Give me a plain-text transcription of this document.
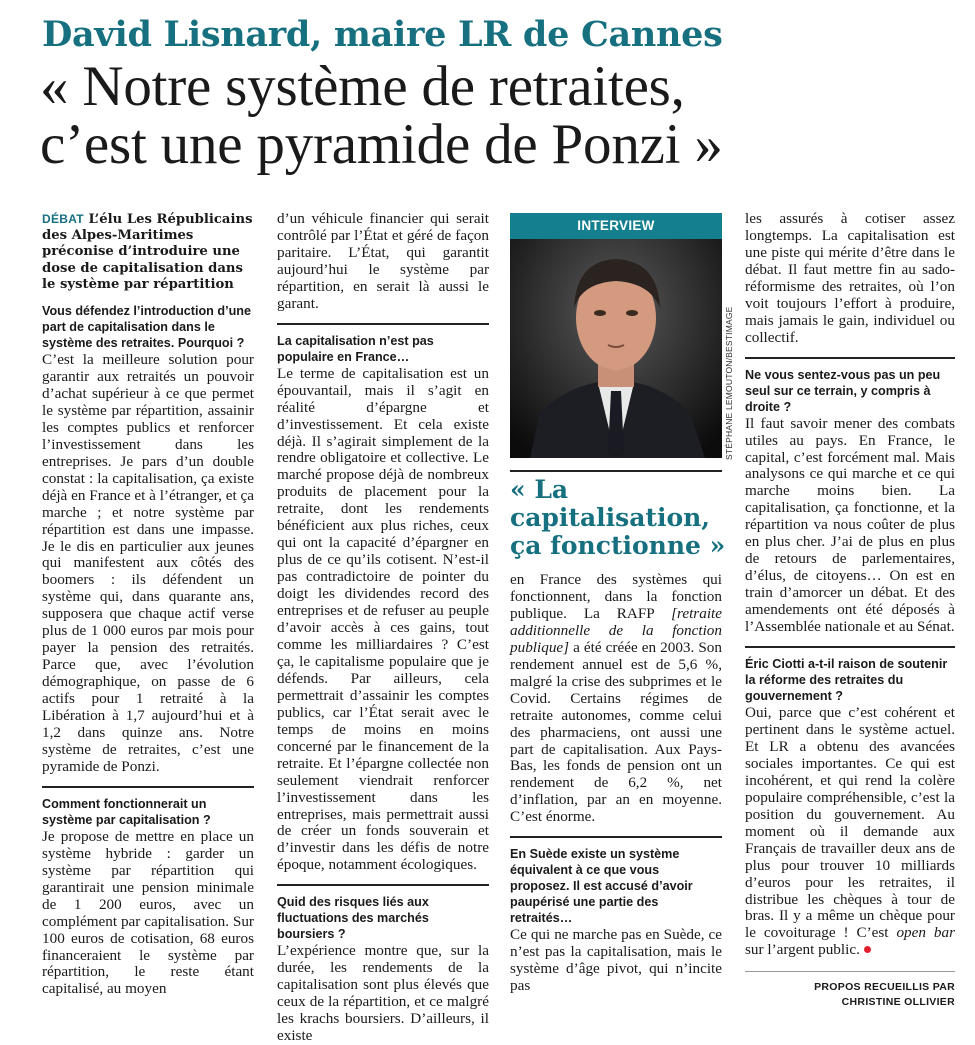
David Lisnard, maire LR de Cannes
« Notre système de retraites,
c’est une pyramide de Ponzi »
DÉBAT L’élu Les Républicains des Alpes-Maritimes préconise d’introduire une dose de capitalisation dans le système par répartition
Vous défendez l’introduction d’une part de capitalisation dans le système des retraites. Pourquoi ?

C’est la meilleure solution pour garantir aux retraités un pouvoir d’achat supérieur à ce que permet le système par répartition, assainir les comptes publics et renforcer l’investissement dans les entreprises. Je pars d’un double constat : la capitalisation, ça existe déjà en France et à l’étranger, et ça marche ; et notre système par répartition est dans une impasse. Je le dis en particulier aux jeunes qui manifestent aux côtés des boomers : ils défendent un système qui, dans quarante ans, supposera que chaque actif verse plus de 1 000 euros par mois pour payer la pension des retraités. Parce que, avec l’évolution démographique, on passe de 6 actifs pour 1 retraité à la Libération à 1,7 aujourd’hui et à 1,2 dans quinze ans. Notre système de retraites, c’est une pyramide de Ponzi.

Comment fonctionnerait un système par capitalisation ?

Je propose de mettre en place un système hybride : garder un système par répartition qui garantirait une pension minimale de 1 200 euros, avec un complément par capitalisation. Sur 100 euros de cotisation, 68 euros financeraient le système par répartition, le reste étant capitalisé, au moyen

d’un véhicule financier qui serait contrôlé par l’État et géré de façon paritaire. L’État, qui garantit aujourd’hui le système par répartition, en serait là aussi le garant.

La capitalisation n’est pas populaire en France…

Le terme de capitalisation est un épouvantail, mais il s’agit en réalité d’épargne et d’investissement. Et cela existe déjà. Il s’agirait simplement de la rendre obligatoire et collective. Le marché propose déjà de nombreux produits de placement pour la retraite, dont les rendements bénéficient aux plus riches, ceux qui ont la capacité d’épargner en plus de ce qu’ils cotisent. N’est-il pas contradictoire de pointer du doigt les dividendes record des entreprises et de refuser au peuple d’avoir accès à ces gains, tout comme les milliardaires ? C’est ça, le capitalisme populaire que je défends. Par ailleurs, cela permettrait d’assainir les comptes publics, car l’État serait avec le temps de moins en moins concerné par le financement de la retraite. Et l’épargne collectée non seulement viendrait renforcer l’investissement dans les entreprises, mais permettrait aussi de créer un fonds souverain et d’investir dans les défis de notre époque, notamment écologiques.

Quid des risques liés aux fluctuations des marchés boursiers ?

L’expérience montre que, sur la durée, les rendements de la capitalisation sont plus élevés que ceux de la répartition, et ce malgré les krachs boursiers. D’ailleurs, il existe

INTERVIEW
STÉPHANE LEMOUTON/BESTIMAGE
« La
capitalisation,
ça fonctionne »

en France des systèmes qui fonctionnent, dans la fonction publique. La RAFP [retraite additionnelle de la fonction publique] a été créée en 2003. Son rendement annuel est de 5,6 %, malgré la crise des subprimes et le Covid. Certains régimes de retraite autonomes, comme celui des pharmaciens, ont aussi une part de capitalisation. Aux Pays-Bas, les fonds de pension ont un rendement de 6,2 %, net d’inflation, par an en moyenne. C’est énorme.

En Suède existe un système équivalent à ce que vous proposez. Il est accusé d’avoir paupérisé une partie des retraités…

Ce qui ne marche pas en Suède, ce n’est pas la capitalisation, mais le système d’âge pivot, qui n’incite pas

les assurés à cotiser assez longtemps. La capitalisation est une piste qui mérite d’être dans le débat. Il faut mettre fin au sado-réformisme des retraites, où l’on voit toujours l’effort à produire, mais jamais le gain, individuel ou collectif.

Ne vous sentez-vous pas un peu seul sur ce terrain, y compris à droite ?

Il faut savoir mener des combats utiles au pays. En France, le capital, c’est forcément mal. Mais analysons ce qui marche et ce qui marche moins bien. La capitalisation, ça fonctionne, et la répartition va nous coûter de plus en plus cher. J’ai de plus en plus de retours de parlementaires, d’élus, de citoyens… On est en train d’amorcer un débat. Et des amendements ont été déposés à l’Assemblée nationale et au Sénat.

Éric Ciotti a-t-il raison de soutenir la réforme des retraites du gouvernement ?

Oui, parce que c’est cohérent et pertinent dans le système actuel. Et LR a obtenu des avancées sociales importantes. Ce qui est incohérent, et qui rend la colère populaire compréhensible, c’est la position du gouvernement. Au moment où il demande aux Français de travailler deux ans de plus pour trouver 10 milliards d’euros pour les retraites, il distribue les chèques à tour de bras. Il y a même un chèque pour le covoiturage ! C’est open bar sur l’argent public.

PROPOS RECUEILLIS PAR
CHRISTINE OLLIVIER
